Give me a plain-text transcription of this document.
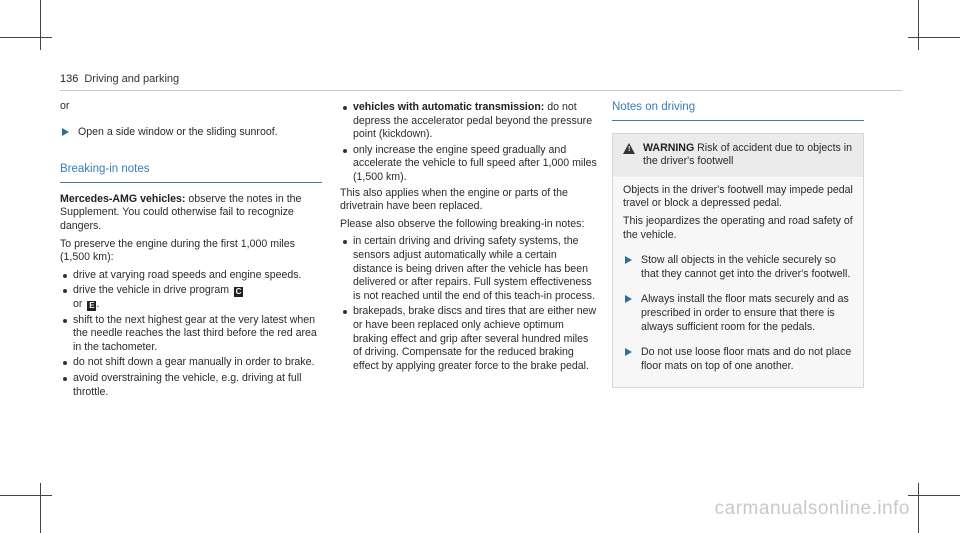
136 Driving and parking

or

Open a side window or the sliding sunroof.

Breaking-in notes

Mercedes-AMG vehicles: observe the notes in the Supplement. You could otherwise fail to recognize dangers.

To preserve the engine during the first 1,000 miles (1,500 km):

drive at varying road speeds and engine speeds.
drive the vehicle in drive program C
or E .
shift to the next highest gear at the very latest when the needle reaches the last third before the red area in the tachometer.
do not shift down a gear manually in order to brake.
avoid overstraining the vehicle, e.g. driving at full throttle.
vehicles with automatic transmission: do not depress the accelerator pedal beyond the pressure point (kickdown).
only increase the engine speed gradually and accelerate the vehicle to full speed after 1,000 miles (1,500 km).

This also applies when the engine or parts of the drivetrain have been replaced.

Please also observe the following breaking-in notes:

in certain driving and driving safety systems, the sensors adjust automatically while a certain distance is being driven after the vehicle has been delivered or after repairs. Full system effectiveness is not reached until the end of this teach-in process.
brakepads, brake discs and tires that are either new or have been replaced only achieve optimum braking effect and grip after several hundred miles of driving. Compensate for the reduced braking effect by applying greater force to the brake pedal.

Notes on driving

! WARNING Risk of accident due to objects in the driver's footwell

Objects in the driver's footwell may impede pedal travel or block a depressed pedal.

This jeopardizes the operating and road safety of the vehicle.

Stow all objects in the vehicle securely so that they cannot get into the driver's footwell.
Always install the floor mats securely and as prescribed in order to ensure that there is always sufficient room for the pedals.
Do not use loose floor mats and do not place floor mats on top of one another.
carmanualsonline.info
